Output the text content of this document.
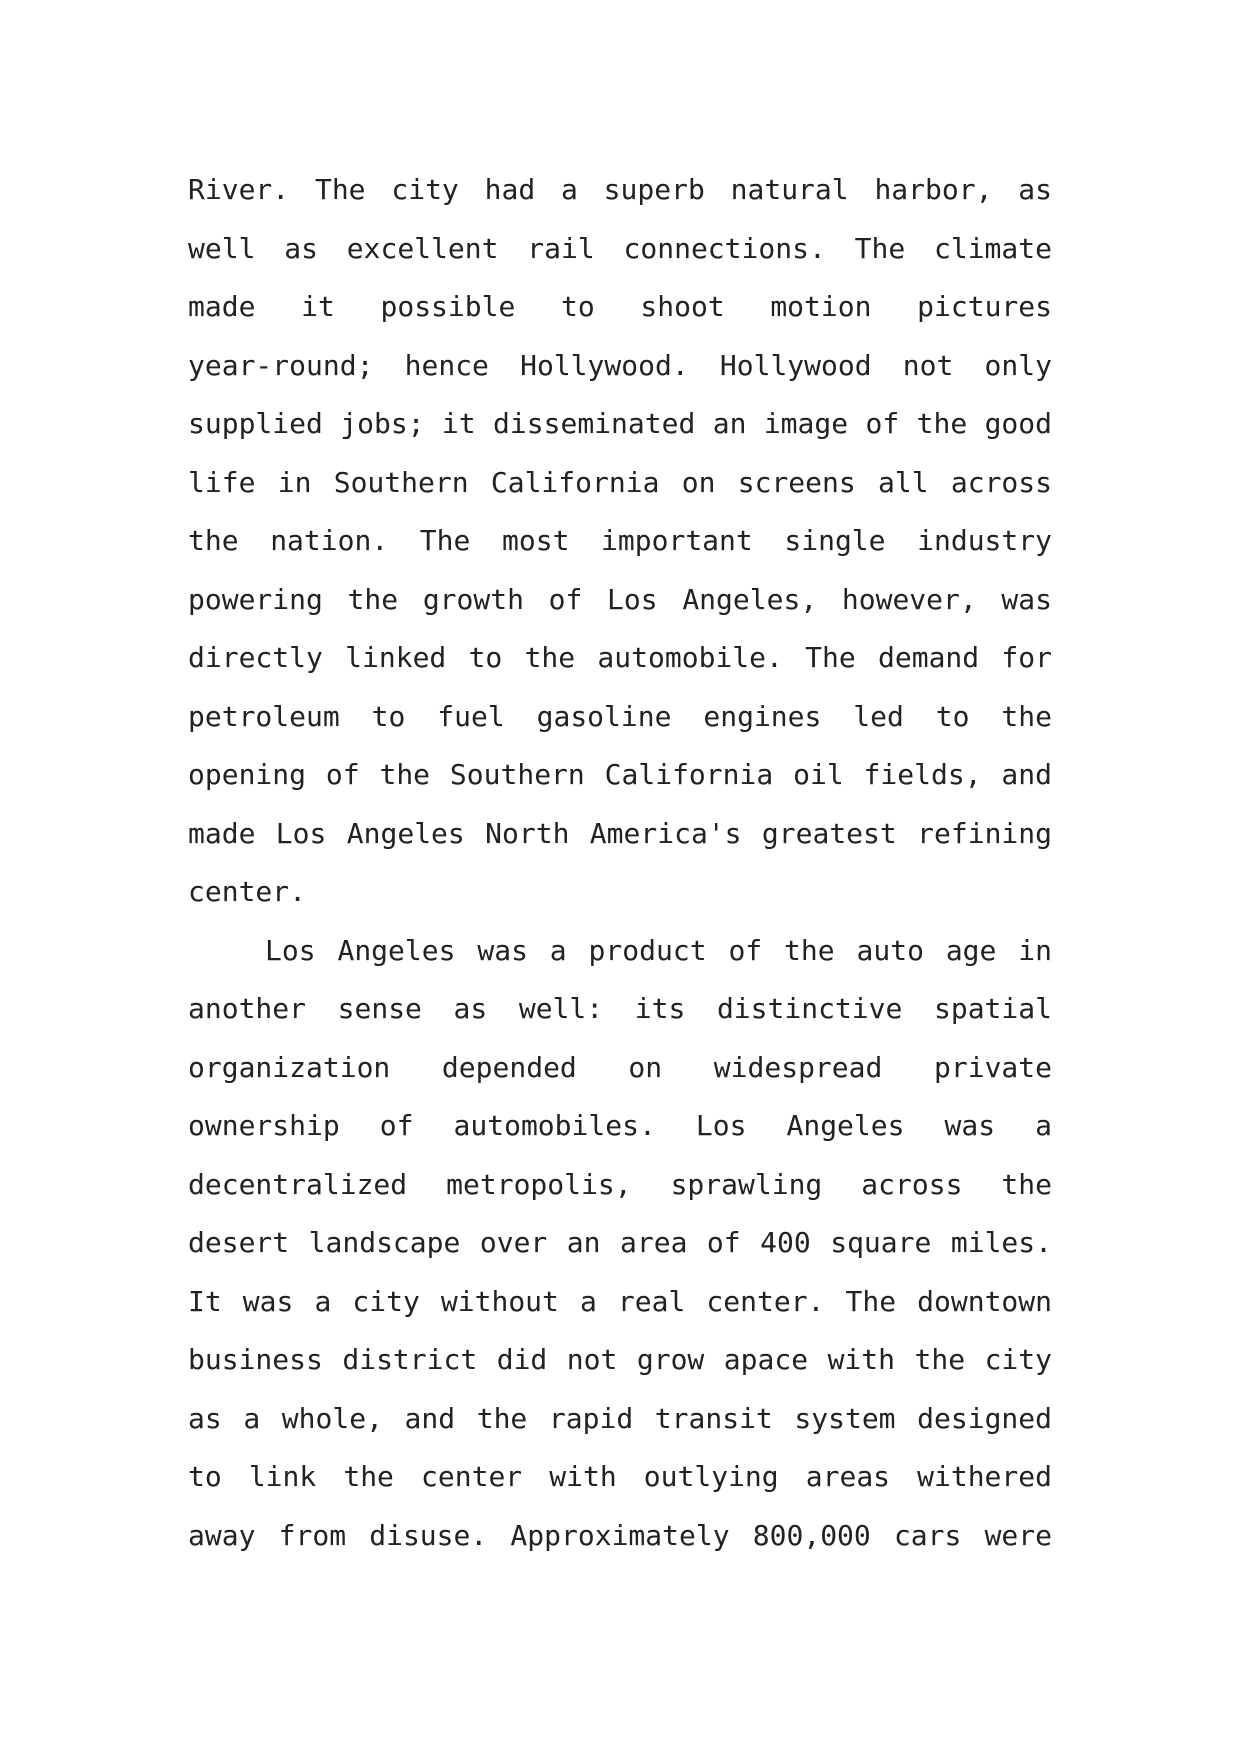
River. The city had a superb natural harbor, as
well as excellent rail connections. The climate
made it possible to shoot motion pictures
year-round; hence Hollywood. Hollywood not only
supplied jobs; it disseminated an image of the good
life in Southern California on screens all across
the nation. The most important single industry
powering the growth of Los Angeles, however, was
directly linked to the automobile. The demand for
petroleum to fuel gasoline engines led to the
opening of the Southern California oil fields, and
made Los Angeles North America's greatest refining
center.
Los Angeles was a product of the auto age in
another sense as well: its distinctive spatial
organization depended on widespread private
ownership of automobiles. Los Angeles was a
decentralized metropolis, sprawling across the
desert landscape over an area of 400 square miles.
It was a city without a real center. The downtown
business district did not grow apace with the city
as a whole, and the rapid transit system designed
to link the center with outlying areas withered
away from disuse. Approximately 800,000 cars were
